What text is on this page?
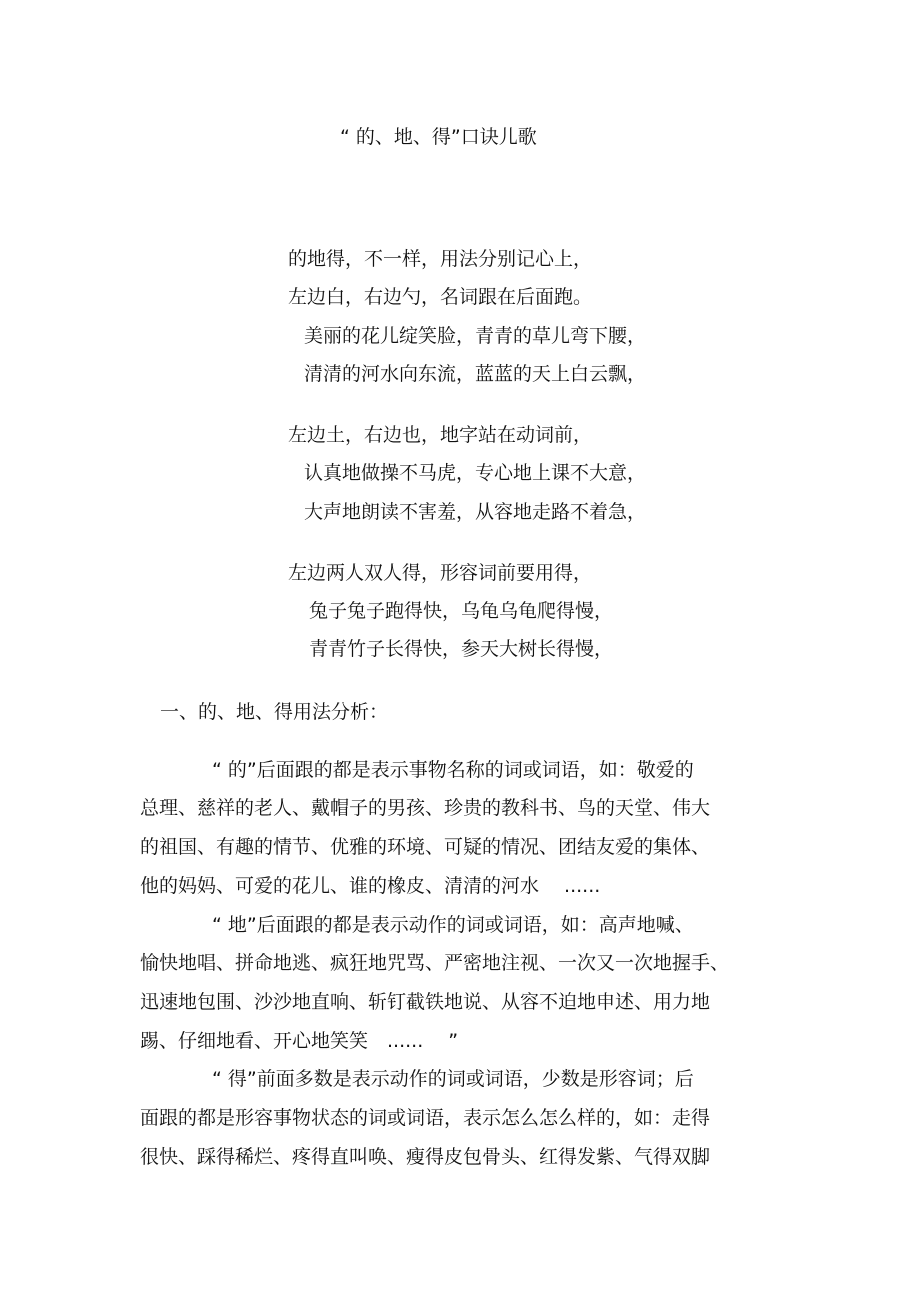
“ 的、地、得”口诀儿歌
的地得，不一样，用法分别记心上，
左边白，右边勺，名词跟在后面跑。
美丽的花儿绽笑脸，青青的草儿弯下腰，
清清的河水向东流，蓝蓝的天上白云飘，
左边土，右边也，地字站在动词前，
认真地做操不马虎，专心地上课不大意，
大声地朗读不害羞，从容地走路不着急，
左边两人双人得，形容词前要用得，
兔子兔子跑得快，乌龟乌龟爬得慢，
青青竹子长得快，参天大树长得慢，
一、的、地、得用法分析：
“ 的”后面跟的都是表示事物名称的词或词语，如：敬爱的
总理、慈祥的老人、戴帽子的男孩、珍贵的教科书、鸟的天堂、伟大
的祖国、有趣的情节、优雅的环境、可疑的情况、团结友爱的集体、
他的妈妈、可爱的花儿、谁的橡皮、清清的河水　 ......
“ 地”后面跟的都是表示动作的词或词语，如：高声地喊、
愉快地唱、拼命地逃、疯狂地咒骂、严密地注视、一次又一次地握手、
迅速地包围、沙沙地直响、斩钉截铁地说、从容不迫地申述、用力地
踢、仔细地看、开心地笑笑　......　 ”
“ 得”前面多数是表示动作的词或词语，少数是形容词；后
面跟的都是形容事物状态的词或词语，表示怎么怎么样的，如：走得
很快、踩得稀烂、疼得直叫唤、瘦得皮包骨头、红得发紫、气得双脚
